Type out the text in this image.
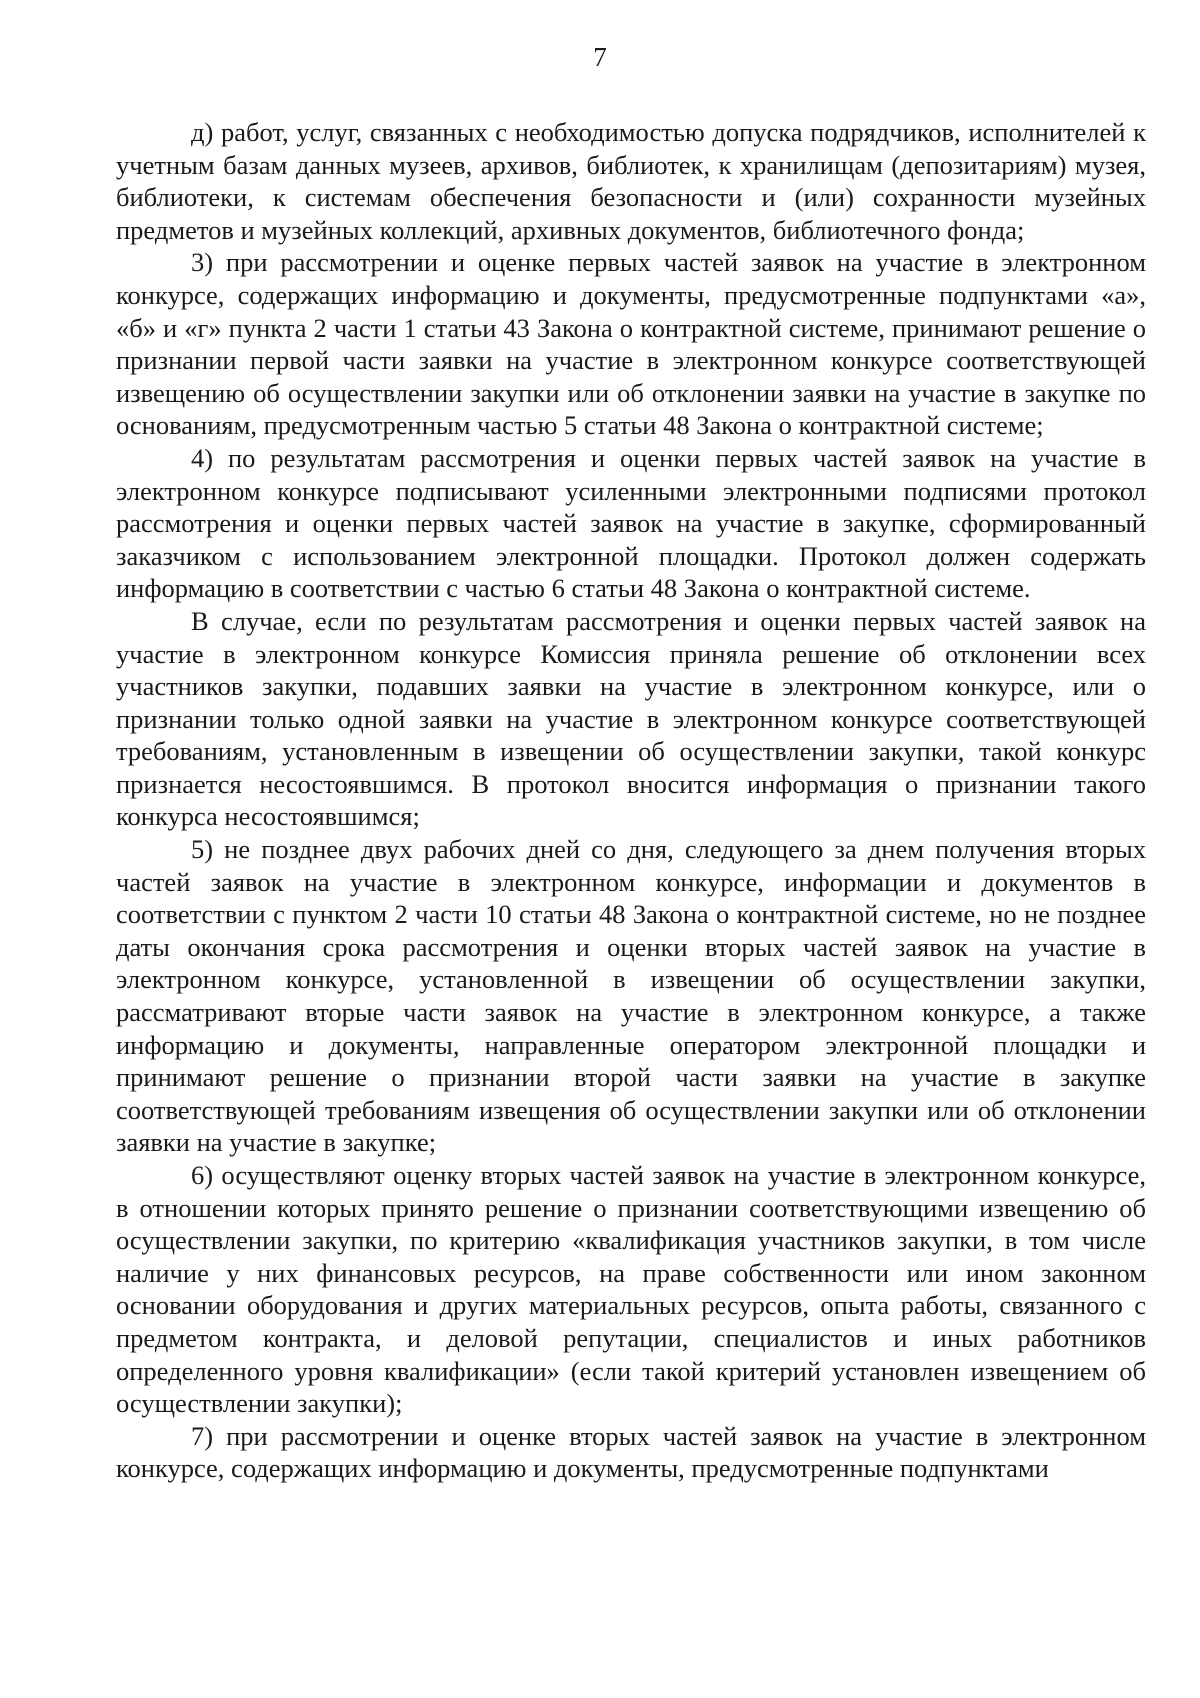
7

д) работ, услуг, связанных с необходимостью допуска подрядчиков, исполнителей к учетным базам данных музеев, архивов, библиотек, к хранилищам (депозитариям) музея, библиотеки, к системам обеспечения безопасности и (или) сохранности музейных предметов и музейных коллекций, архивных документов, библиотечного фонда;

3) при рассмотрении и оценке первых частей заявок на участие в электронном конкурсе, содержащих информацию и документы, предусмотренные подпунктами «а», «б» и «г» пункта 2 части 1 статьи 43 Закона о контрактной системе, принимают решение о признании первой части заявки на участие в электронном конкурсе соответствующей извещению об осуществлении закупки или об отклонении заявки на участие в закупке по основаниям, предусмотренным частью 5 статьи 48 Закона о контрактной системе;

4) по результатам рассмотрения и оценки первых частей заявок на участие в электронном конкурсе подписывают усиленными электронными подписями протокол рассмотрения и оценки первых частей заявок на участие в закупке, сформированный заказчиком с использованием электронной площадки. Протокол должен содержать информацию в соответствии с частью 6 статьи 48 Закона о контрактной системе.

В случае, если по результатам рассмотрения и оценки первых частей заявок на участие в электронном конкурсе Комиссия приняла решение об отклонении всех участников закупки, подавших заявки на участие в электронном конкурсе, или о признании только одной заявки на участие в электронном конкурсе соответствующей требованиям, установленным в извещении об осуществлении закупки, такой конкурс признается несостоявшимся. В протокол вносится информация о признании такого конкурса несостоявшимся;

5) не позднее двух рабочих дней со дня, следующего за днем получения вторых частей заявок на участие в электронном конкурсе, информации и документов в соответствии с пунктом 2 части 10 статьи 48 Закона о контрактной системе, но не позднее даты окончания срока рассмотрения и оценки вторых частей заявок на участие в электронном конкурсе, установленной в извещении об осуществлении закупки, рассматривают вторые части заявок на участие в электронном конкурсе, а также информацию и документы, направленные оператором электронной площадки и принимают решение о признании второй части заявки на участие в закупке соответствующей требованиям извещения об осуществлении закупки или об отклонении заявки на участие в закупке;

6) осуществляют оценку вторых частей заявок на участие в электронном конкурсе, в отношении которых принято решение о признании соответствующими извещению об осуществлении закупки, по критерию «квалификация участников закупки, в том числе наличие у них финансовых ресурсов, на праве собственности или ином законном основании оборудования и других материальных ресурсов, опыта работы, связанного с предметом контракта, и деловой репутации, специалистов и иных работников определенного уровня квалификации» (если такой критерий установлен извещением об осуществлении закупки);

7) при рассмотрении и оценке вторых частей заявок на участие в электронном конкурсе, содержащих информацию и документы, предусмотренные подпунктами
